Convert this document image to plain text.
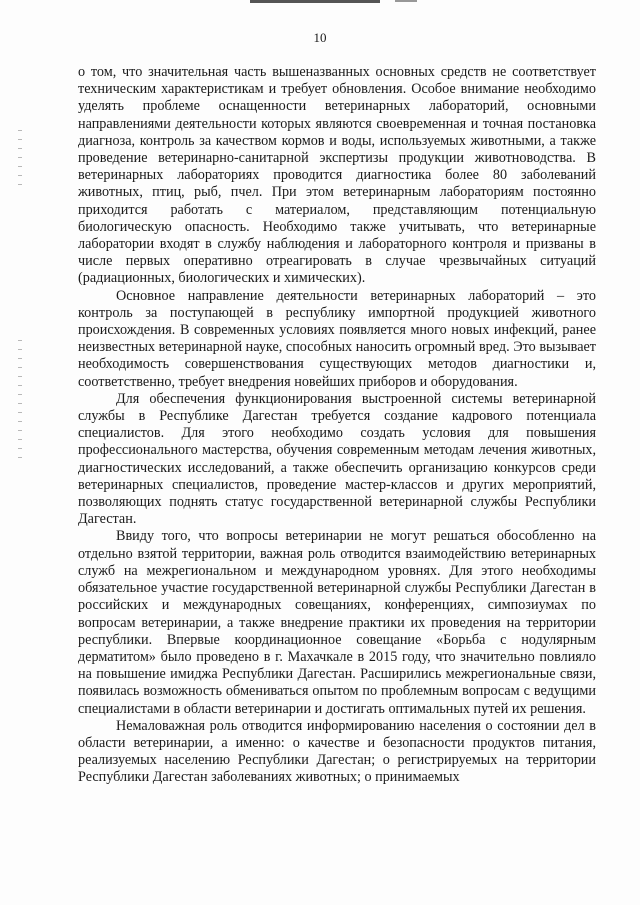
10

о том, что значительная часть вышеназванных основных средств не соответствует техническим характеристикам и требует обновления. Особое внимание необходимо уделять проблеме оснащенности ветеринарных лабораторий, основными направлениями деятельности которых являются своевременная и точная постановка диагноза, контроль за качеством кормов и воды, используемых животными, а также проведение ветеринарно-санитарной экспертизы продукции животноводства. В ветеринарных лабораториях проводится диагностика более 80 заболеваний животных, птиц, рыб, пчел. При этом ветеринарным лабораториям постоянно приходится работать с материалом, представляющим потенциальную биологическую опасность. Необходимо также учитывать, что ветеринарные лаборатории входят в службу наблюдения и лабораторного контроля и призваны в числе первых оперативно отреагировать в случае чрезвычайных ситуаций (радиационных, биологических и химических).

Основное направление деятельности ветеринарных лабораторий – это контроль за поступающей в республику импортной продукцией животного происхождения. В современных условиях появляется много новых инфекций, ранее неизвестных ветеринарной науке, способных наносить огромный вред. Это вызывает необходимость совершенствования существующих методов диагностики и, соответственно, требует внедрения новейших приборов и оборудования.

Для обеспечения функционирования выстроенной системы ветеринарной службы в Республике Дагестан требуется создание кадрового потенциала специалистов. Для этого необходимо создать условия для повышения профессионального мастерства, обучения современным методам лечения животных, диагностических исследований, а также обеспечить организацию конкурсов среди ветеринарных специалистов, проведение мастер-классов и других мероприятий, позволяющих поднять статус государственной ветеринарной службы Республики Дагестан.

Ввиду того, что вопросы ветеринарии не могут решаться обособленно на отдельно взятой территории, важная роль отводится взаимодействию ветеринарных служб на межрегиональном и международном уровнях. Для этого необходимы обязательное участие государственной ветеринарной службы Республики Дагестан в российских и международных совещаниях, конференциях, симпозиумах по вопросам ветеринарии, а также внедрение практики их проведения на территории республики. Впервые координационное совещание «Борьба с нодулярным дерматитом» было проведено в г. Махачкале в 2015 году, что значительно повлияло на повышение имиджа Республики Дагестан. Расширились межрегиональные связи, появилась возможность обмениваться опытом по проблемным вопросам с ведущими специалистами в области ветеринарии и достигать оптимальных путей их решения.

Немаловажная роль отводится информированию населения о состоянии дел в области ветеринарии, а именно: о качестве и безопасности продуктов питания, реализуемых населению Республики Дагестан; о регистрируемых на территории Республики Дагестан заболеваниях животных; о принимаемых
